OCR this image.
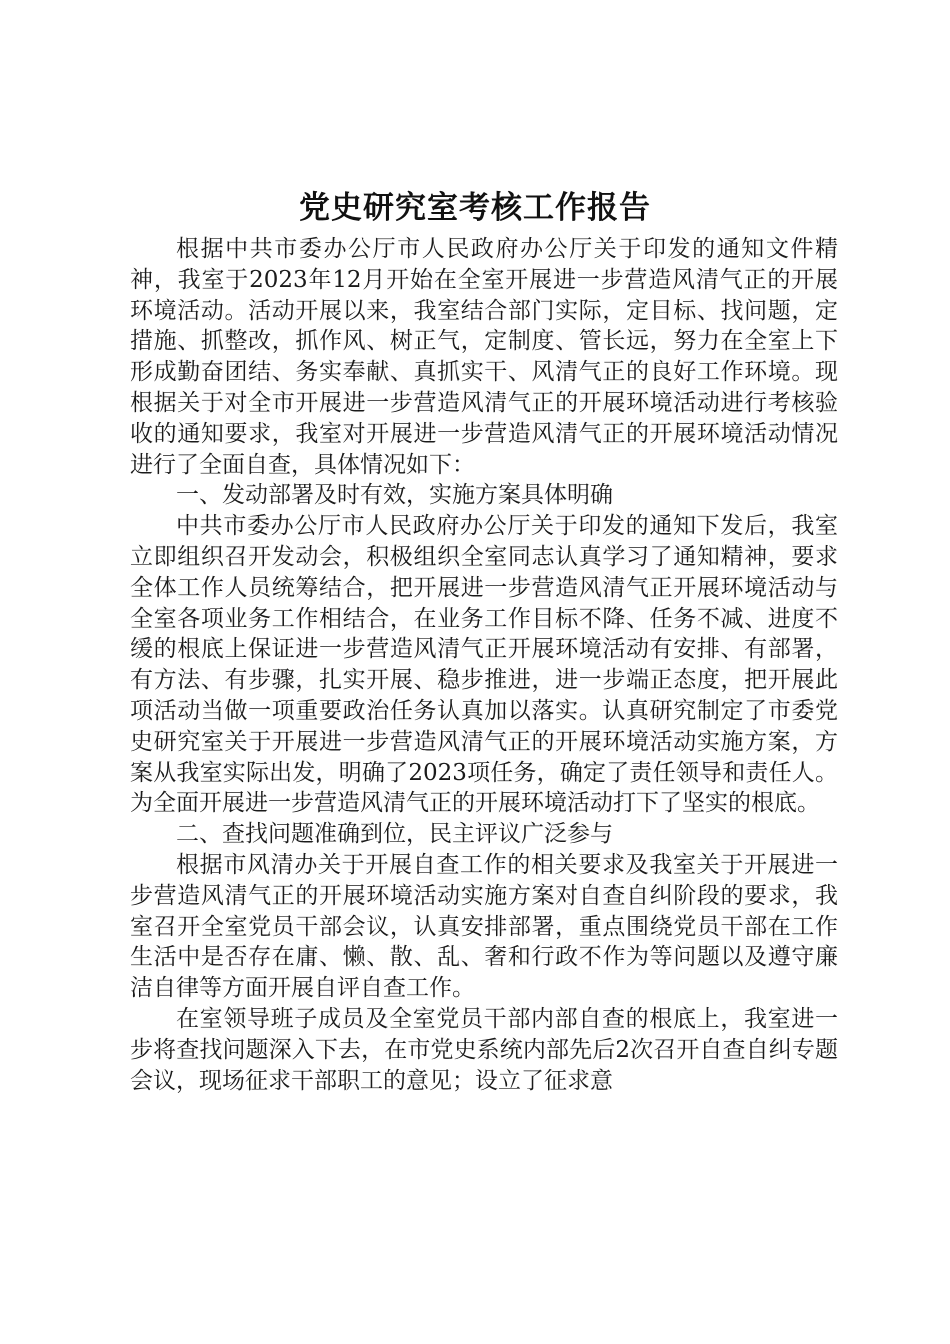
党史研究室考核工作报告

根据中共市委办公厅市人民政府办公厅关于印发的通知文件精神，我室于2023年12月开始在全室开展进一步营造风清气正的开展环境活动。活动开展以来，我室结合部门实际，定目标、找问题，定措施、抓整改，抓作风、树正气，定制度、管长远，努力在全室上下形成勤奋团结、务实奉献、真抓实干、风清气正的良好工作环境。现根据关于对全市开展进一步营造风清气正的开展环境活动进行考核验收的通知要求，我室对开展进一步营造风清气正的开展环境活动情况进行了全面自查，具体情况如下：

一、发动部署及时有效，实施方案具体明确

中共市委办公厅市人民政府办公厅关于印发的通知下发后，我室立即组织召开发动会，积极组织全室同志认真学习了通知精神，要求全体工作人员统筹结合，把开展进一步营造风清气正开展环境活动与全室各项业务工作相结合，在业务工作目标不降、任务不减、进度不缓的根底上保证进一步营造风清气正开展环境活动有安排、有部署，有方法、有步骤，扎实开展、稳步推进，进一步端正态度，把开展此项活动当做一项重要政治任务认真加以落实。认真研究制定了市委党史研究室关于开展进一步营造风清气正的开展环境活动实施方案，方案从我室实际出发，明确了2023项任务，确定了责任领导和责任人。为全面开展进一步营造风清气正的开展环境活动打下了坚实的根底。

二、查找问题准确到位，民主评议广泛参与

根据市风清办关于开展自查工作的相关要求及我室关于开展进一步营造风清气正的开展环境活动实施方案对自查自纠阶段的要求，我室召开全室党员干部会议，认真安排部署，重点围绕党员干部在工作生活中是否存在庸、懒、散、乱、奢和行政不作为等问题以及遵守廉洁自律等方面开展自评自查工作。

在室领导班子成员及全室党员干部内部自查的根底上，我室进一步将查找问题深入下去，在市党史系统内部先后2次召开自查自纠专题会议，现场征求干部职工的意见；设立了征求意
